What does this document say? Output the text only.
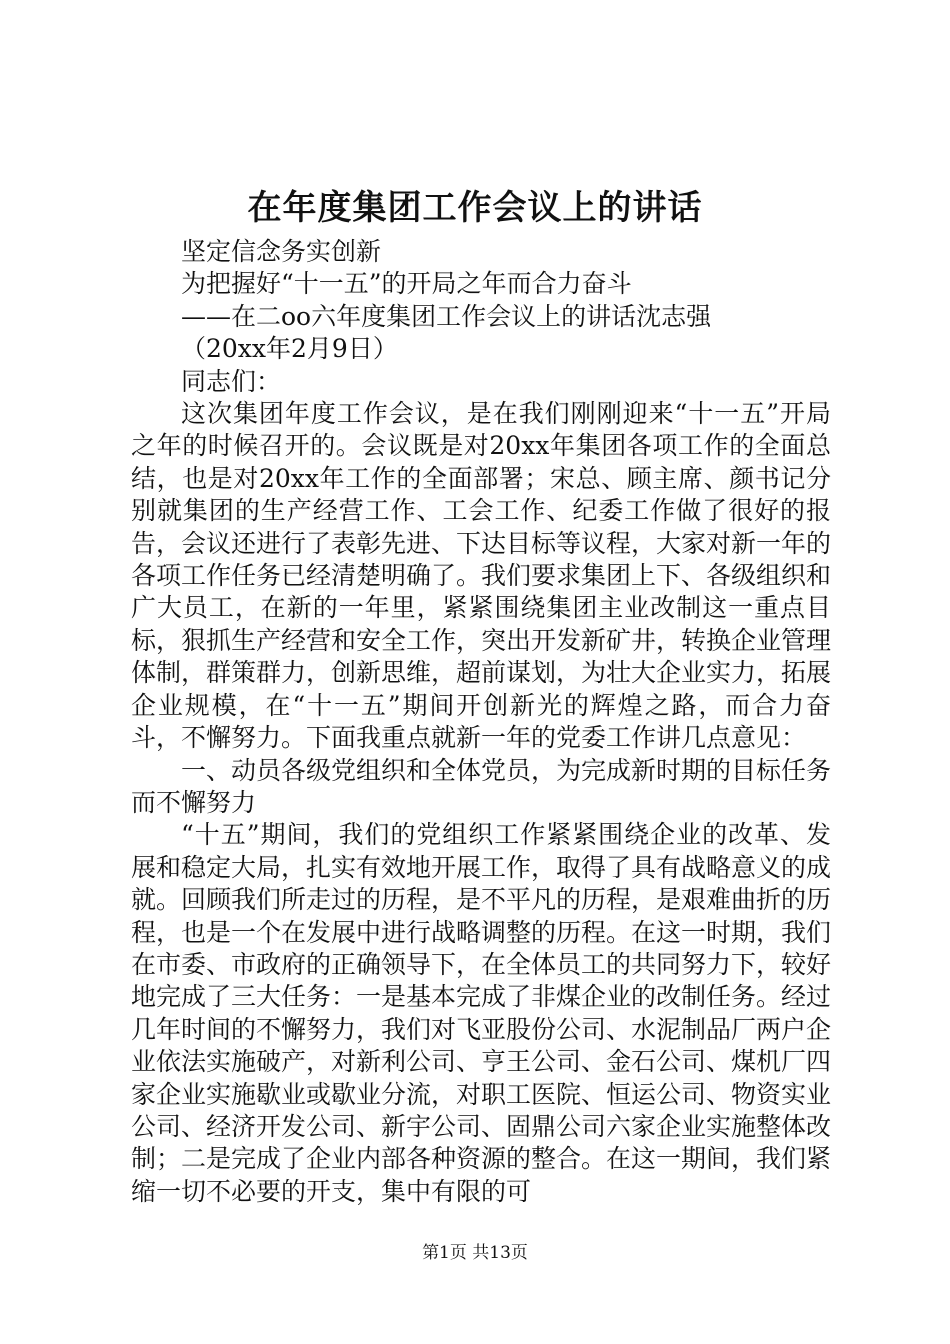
在年度集团工作会议上的讲话

坚定信念务实创新

为把握好“十一五”的开局之年而合力奋斗

——在二oo六年度集团工作会议上的讲话沈志强

（20xx年2月9日）

同志们：

这次集团年度工作会议，是在我们刚刚迎来“十一五”开局之年的时候召开的。会议既是对20xx年集团各项工作的全面总结，也是对20xx年工作的全面部署；宋总、顾主席、颜书记分别就集团的生产经营工作、工会工作、纪委工作做了很好的报告，会议还进行了表彰先进、下达目标等议程，大家对新一年的各项工作任务已经清楚明确了。我们要求集团上下、各级组织和广大员工，在新的一年里，紧紧围绕集团主业改制这一重点目标，狠抓生产经营和安全工作，突出开发新矿井，转换企业管理体制，群策群力，创新思维，超前谋划，为壮大企业实力，拓展企业规模，在“十一五”期间开创新光的辉煌之路，而合力奋斗，不懈努力。下面我重点就新一年的党委工作讲几点意见：

一、动员各级党组织和全体党员，为完成新时期的目标任务而不懈努力

“十五”期间，我们的党组织工作紧紧围绕企业的改革、发展和稳定大局，扎实有效地开展工作，取得了具有战略意义的成就。回顾我们所走过的历程，是不平凡的历程，是艰难曲折的历程，也是一个在发展中进行战略调整的历程。在这一时期，我们在市委、市政府的正确领导下，在全体员工的共同努力下，较好地完成了三大任务：一是基本完成了非煤企业的改制任务。经过几年时间的不懈努力，我们对飞亚股份公司、水泥制品厂两户企业依法实施破产，对新利公司、亨王公司、金石公司、煤机厂四家企业实施歇业或歇业分流，对职工医院、恒运公司、物资实业公司、经济开发公司、新宇公司、固鼎公司六家企业实施整体改制；二是完成了企业内部各种资源的整合。在这一期间，我们紧缩一切不必要的开支，集中有限的可

第1页 共13页
